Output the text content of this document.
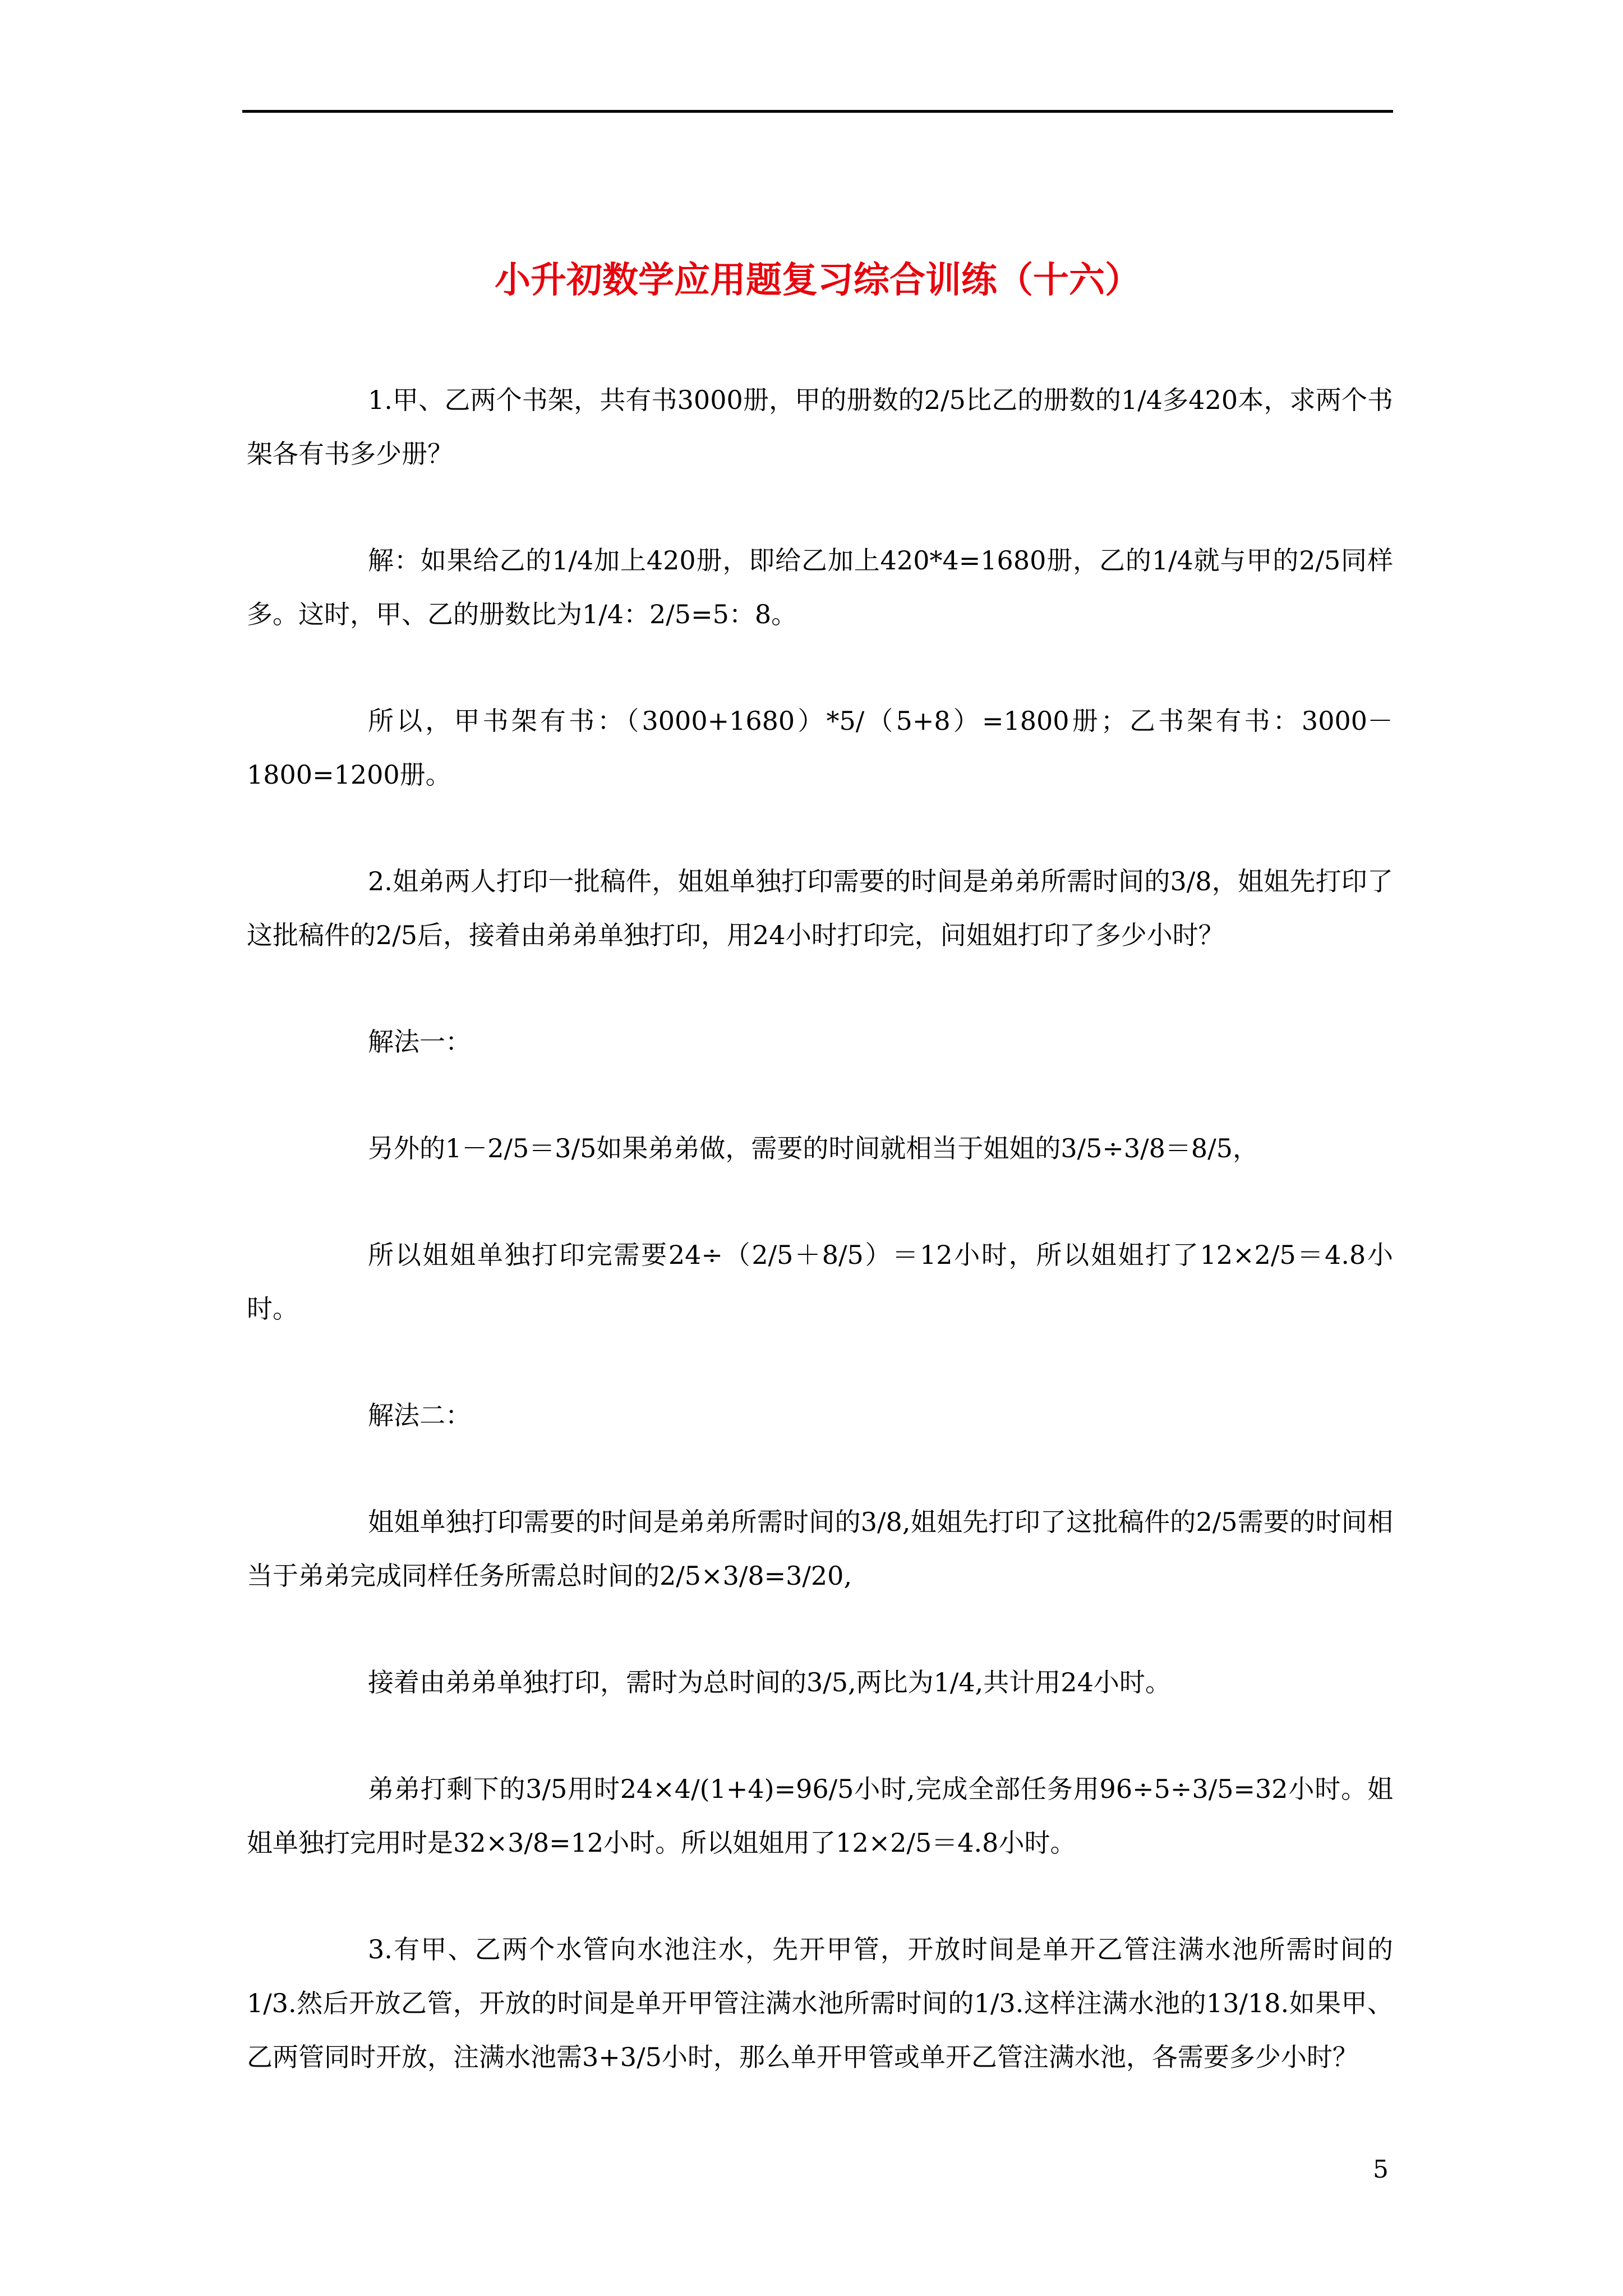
小升初数学应用题复习综合训练（十六）

1.甲、乙两个书架，共有书3000册，甲的册数的2/5比乙的册数的1/4多420本，求两个书架各有书多少册？

解：如果给乙的1/4加上420册，即给乙加上420*4=1680册，乙的1/4就与甲的2/5同样多。这时，甲、乙的册数比为1/4：2/5=5：8。

所以，甲书架有书：（3000+1680）*5/（5+8）=1800册；乙书架有书：3000－1800=1200册。

2.姐弟两人打印一批稿件，姐姐单独打印需要的时间是弟弟所需时间的3/8，姐姐先打印了这批稿件的2/5后，接着由弟弟单独打印，用24小时打印完，问姐姐打印了多少小时？

解法一：

另外的1－2/5＝3/5如果弟弟做，需要的时间就相当于姐姐的3/5÷3/8＝8/5，

所以姐姐单独打印完需要24÷（2/5＋8/5）＝12小时，所以姐姐打了12×2/5＝4.8小时。

解法二：

姐姐单独打印需要的时间是弟弟所需时间的3/8,姐姐先打印了这批稿件的2/5需要的时间相当于弟弟完成同样任务所需总时间的2/5×3/8=3/20,

接着由弟弟单独打印，需时为总时间的3/5,两比为1/4,共计用24小时。

弟弟打剩下的3/5用时24×4/(1+4)=96/5小时,完成全部任务用96÷5÷3/5=32小时。姐姐单独打完用时是32×3/8=12小时。所以姐姐用了12×2/5＝4.8小时。

3.有甲、乙两个水管向水池注水，先开甲管，开放时间是单开乙管注满水池所需时间的1/3.然后开放乙管，开放的时间是单开甲管注满水池所需时间的1/3.这样注满水池的13/18.如果甲、乙两管同时开放，注满水池需3+3/5小时，那么单开甲管或单开乙管注满水池，各需要多少小时？

5
